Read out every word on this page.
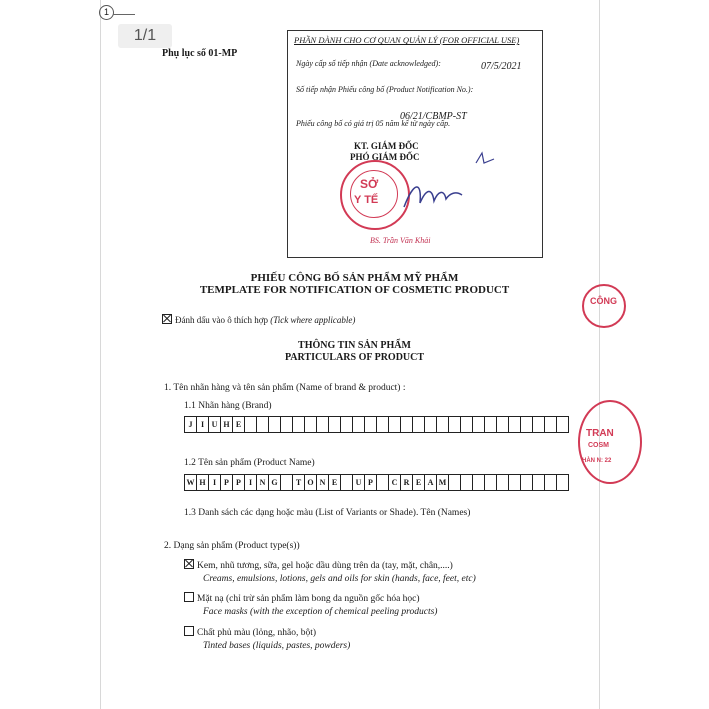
1
1/1
Phụ lục số 01-MP
PHẦN DÀNH CHO CƠ QUAN QUẢN LÝ (FOR OFFICIAL USE)
Ngày cấp số tiếp nhận (Date acknowledged):	07/5/2021
Số tiếp nhận Phiếu công bố (Product Notification No.):
06/21/CBMP-ST
Phiếu công bố có giá trị 05 năm kể từ ngày cấp.
KT. GIÁM ĐỐC
PHÓ GIÁM ĐỐC
SỞ
Y TẾ
BS. Trần Văn Khải
PHIẾU CÔNG BỐ SẢN PHẨM MỸ PHẨM
TEMPLATE FOR NOTIFICATION OF COSMETIC PRODUCT
Đánh dấu vào ô thích hợp (Tick where applicable)
THÔNG TIN SẢN PHẨM
PARTICULARS OF PRODUCT
1. Tên nhãn hàng và tên sản phẩm (Name of brand & product) :
1.1 Nhãn hàng (Brand)
J	I U H E
1.2 Tên sản phẩm (Product Name)
W H I P P	I N G	T O N E	U P	C R E A M
1.3 Danh sách các dạng hoặc màu (List of Variants or Shade). Tên (Names)
2. Dạng sản phẩm (Product type(s))
Kem, nhũ tương, sữa, gel hoặc dầu dùng trên da (tay, mặt, chân,....)
Creams, emulsions, lotions, gels and oils for skin (hands, face, feet, etc)
Mặt nạ (chỉ trừ sản phẩm làm bong da nguồn gốc hóa học)
Face masks (with the exception of chemical peeling products)
Chất phủ màu (lỏng, nhão, bột)
Tinted bases (liquids, pastes, powders)
CÔNG
TRAN
COSM
HÀN N: 22
